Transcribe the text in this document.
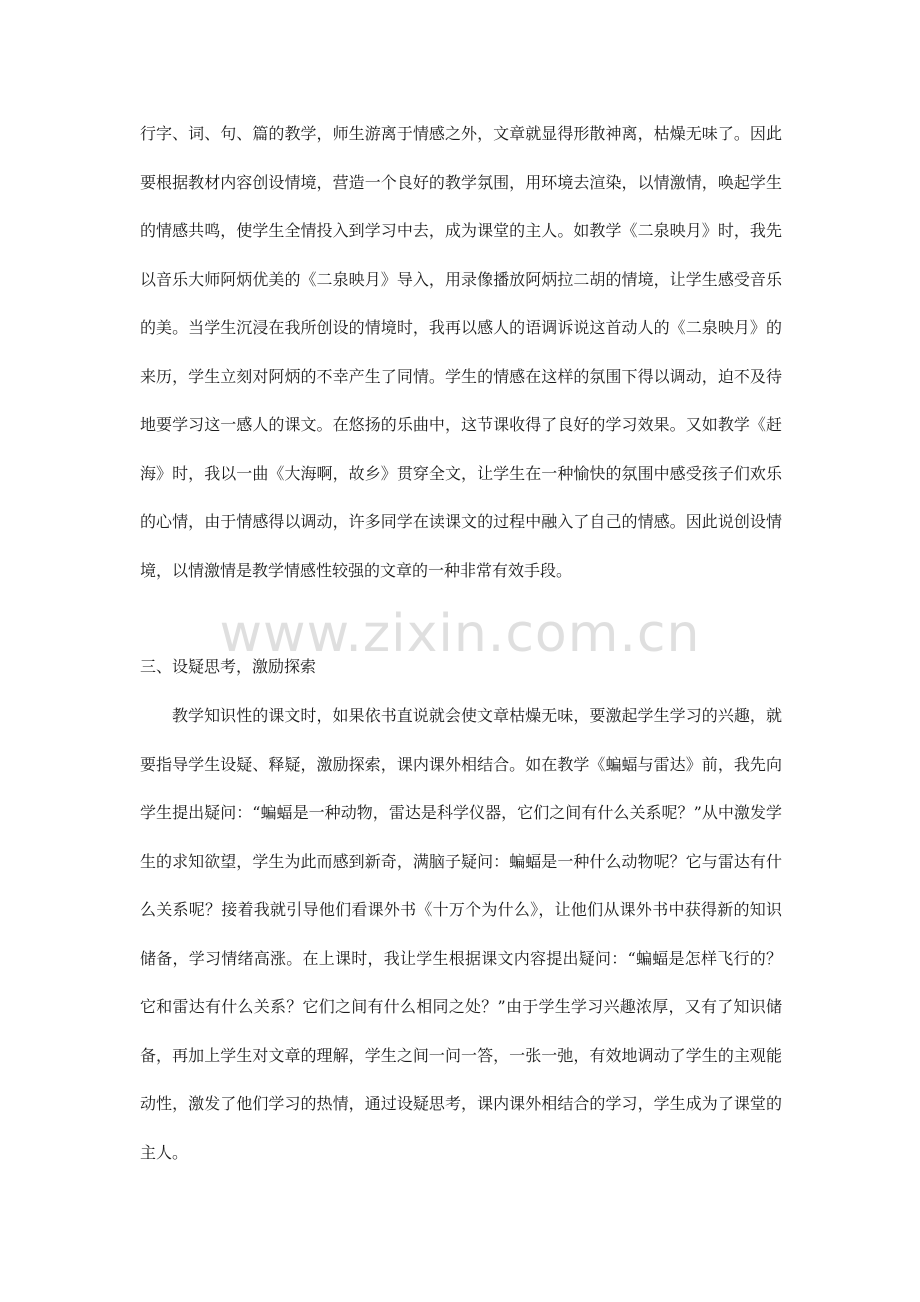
行字、词、句、篇的教学，师生游离于情感之外，文章就显得形散神离，枯燥无味了。因此
要根据教材内容创设情境，营造一个良好的教学氛围，用环境去渲染，以情激情，唤起学生
的情感共鸣，使学生全情投入到学习中去，成为课堂的主人。如教学《二泉映月》时，我先
以音乐大师阿炳优美的《二泉映月》导入，用录像播放阿炳拉二胡的情境，让学生感受音乐
的美。当学生沉浸在我所创设的情境时，我再以感人的语调诉说这首动人的《二泉映月》的
来历，学生立刻对阿炳的不幸产生了同情。学生的情感在这样的氛围下得以调动，迫不及待
地要学习这一感人的课文。在悠扬的乐曲中，这节课收得了良好的学习效果。又如教学《赶
海》时，我以一曲《大海啊，故乡》贯穿全文，让学生在一种愉快的氛围中感受孩子们欢乐
的心情，由于情感得以调动，许多同学在读课文的过程中融入了自己的情感。因此说创设情
境，以情激情是教学情感性较强的文章的一种非常有效手段。
www.zixin.com.cn
三、设疑思考，激励探索
教学知识性的课文时，如果依书直说就会使文章枯燥无味，要激起学生学习的兴趣，就
要指导学生设疑、释疑，激励探索，课内课外相结合。如在教学《蝙蝠与雷达》前，我先向
学生提出疑问：“蝙蝠是一种动物，雷达是科学仪器，它们之间有什么关系呢？”从中激发学
生的求知欲望，学生为此而感到新奇，满脑子疑问：蝙蝠是一种什么动物呢？它与雷达有什
么关系呢？接着我就引导他们看课外书《十万个为什么》，让他们从课外书中获得新的知识
储备，学习情绪高涨。在上课时，我让学生根据课文内容提出疑问：“蝙蝠是怎样飞行的？
它和雷达有什么关系？它们之间有什么相同之处？”由于学生学习兴趣浓厚，又有了知识储
备，再加上学生对文章的理解，学生之间一问一答，一张一弛，有效地调动了学生的主观能
动性，激发了他们学习的热情，通过设疑思考，课内课外相结合的学习，学生成为了课堂的
主人。
